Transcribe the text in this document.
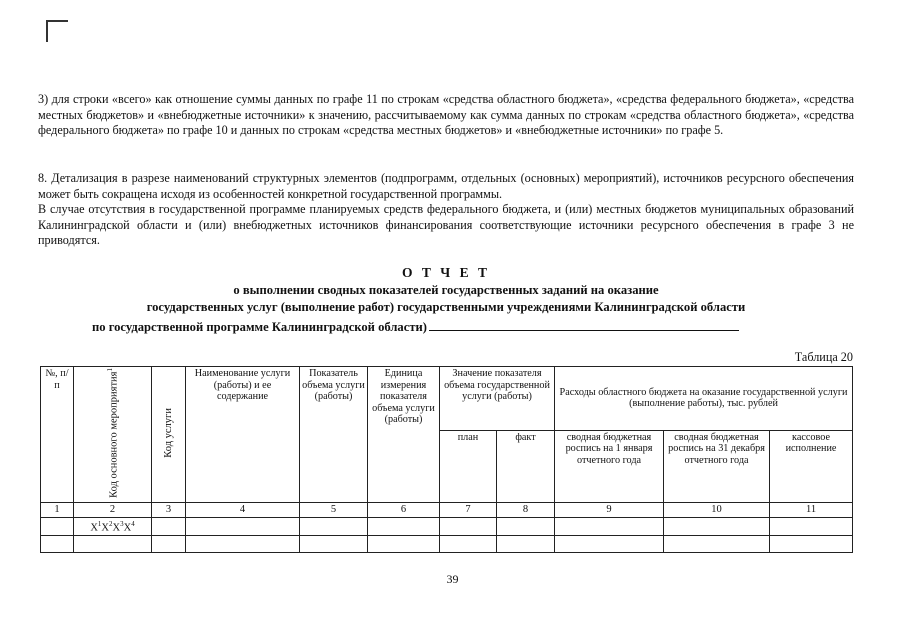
3) для строки «всего» как отношение суммы данных по графе 11 по строкам «средства областного бюджета», «средства федерального бюджета», «средства местных бюджетов» и «внебюджетные источники» к значению, рассчитываемому как сумма данных по строкам «средства областного бюджета», «средства федерального бюджета» по графе 10 и данных по строкам «средства местных бюджетов» и «внебюджетные источники» по графе 5.

8. Детализация в разрезе наименований структурных элементов (подпрограмм, отдельных (основных) мероприятий), источников ресурсного обеспечения может быть сокращена исходя из особенностей конкретной государственной программы.

В случае отсутствия в государственной программе планируемых средств федерального бюджета, и (или) местных бюджетов муниципальных образований Калининградской области и (или) внебюджетных источников финансирования соответствующие источники ресурсного обеспечения в графе 3 не приводятся.

О Т Ч Е Т

о выполнении сводных показателей государственных заданий на оказание

государственных услуг (выполнение работ) государственными учреждениями Калининградской области

по государственной программе Калининградской области)
Таблица 20
№, п/п	Код основного мероприятия$^1$	Код услуги	Наименование услуги (работы) и ее содержание	Показатель объема услуги (работы)	Единица измерения показателя объема услуги (работы)	Значение показателя объема государственной услуги (работы)		Расходы областного бюджета на оказание государственной услуги (выполнение работы), тыс. рублей		
						план	факт	сводная бюджетная роспись на 1 января отчетного года	сводная бюджетная роспись на 31 декабря отчетного года	кассовое исполнение
1	2	3	4	5	6	7	8	9	10	11
	$X^1X^2X^3X^4$									

39
